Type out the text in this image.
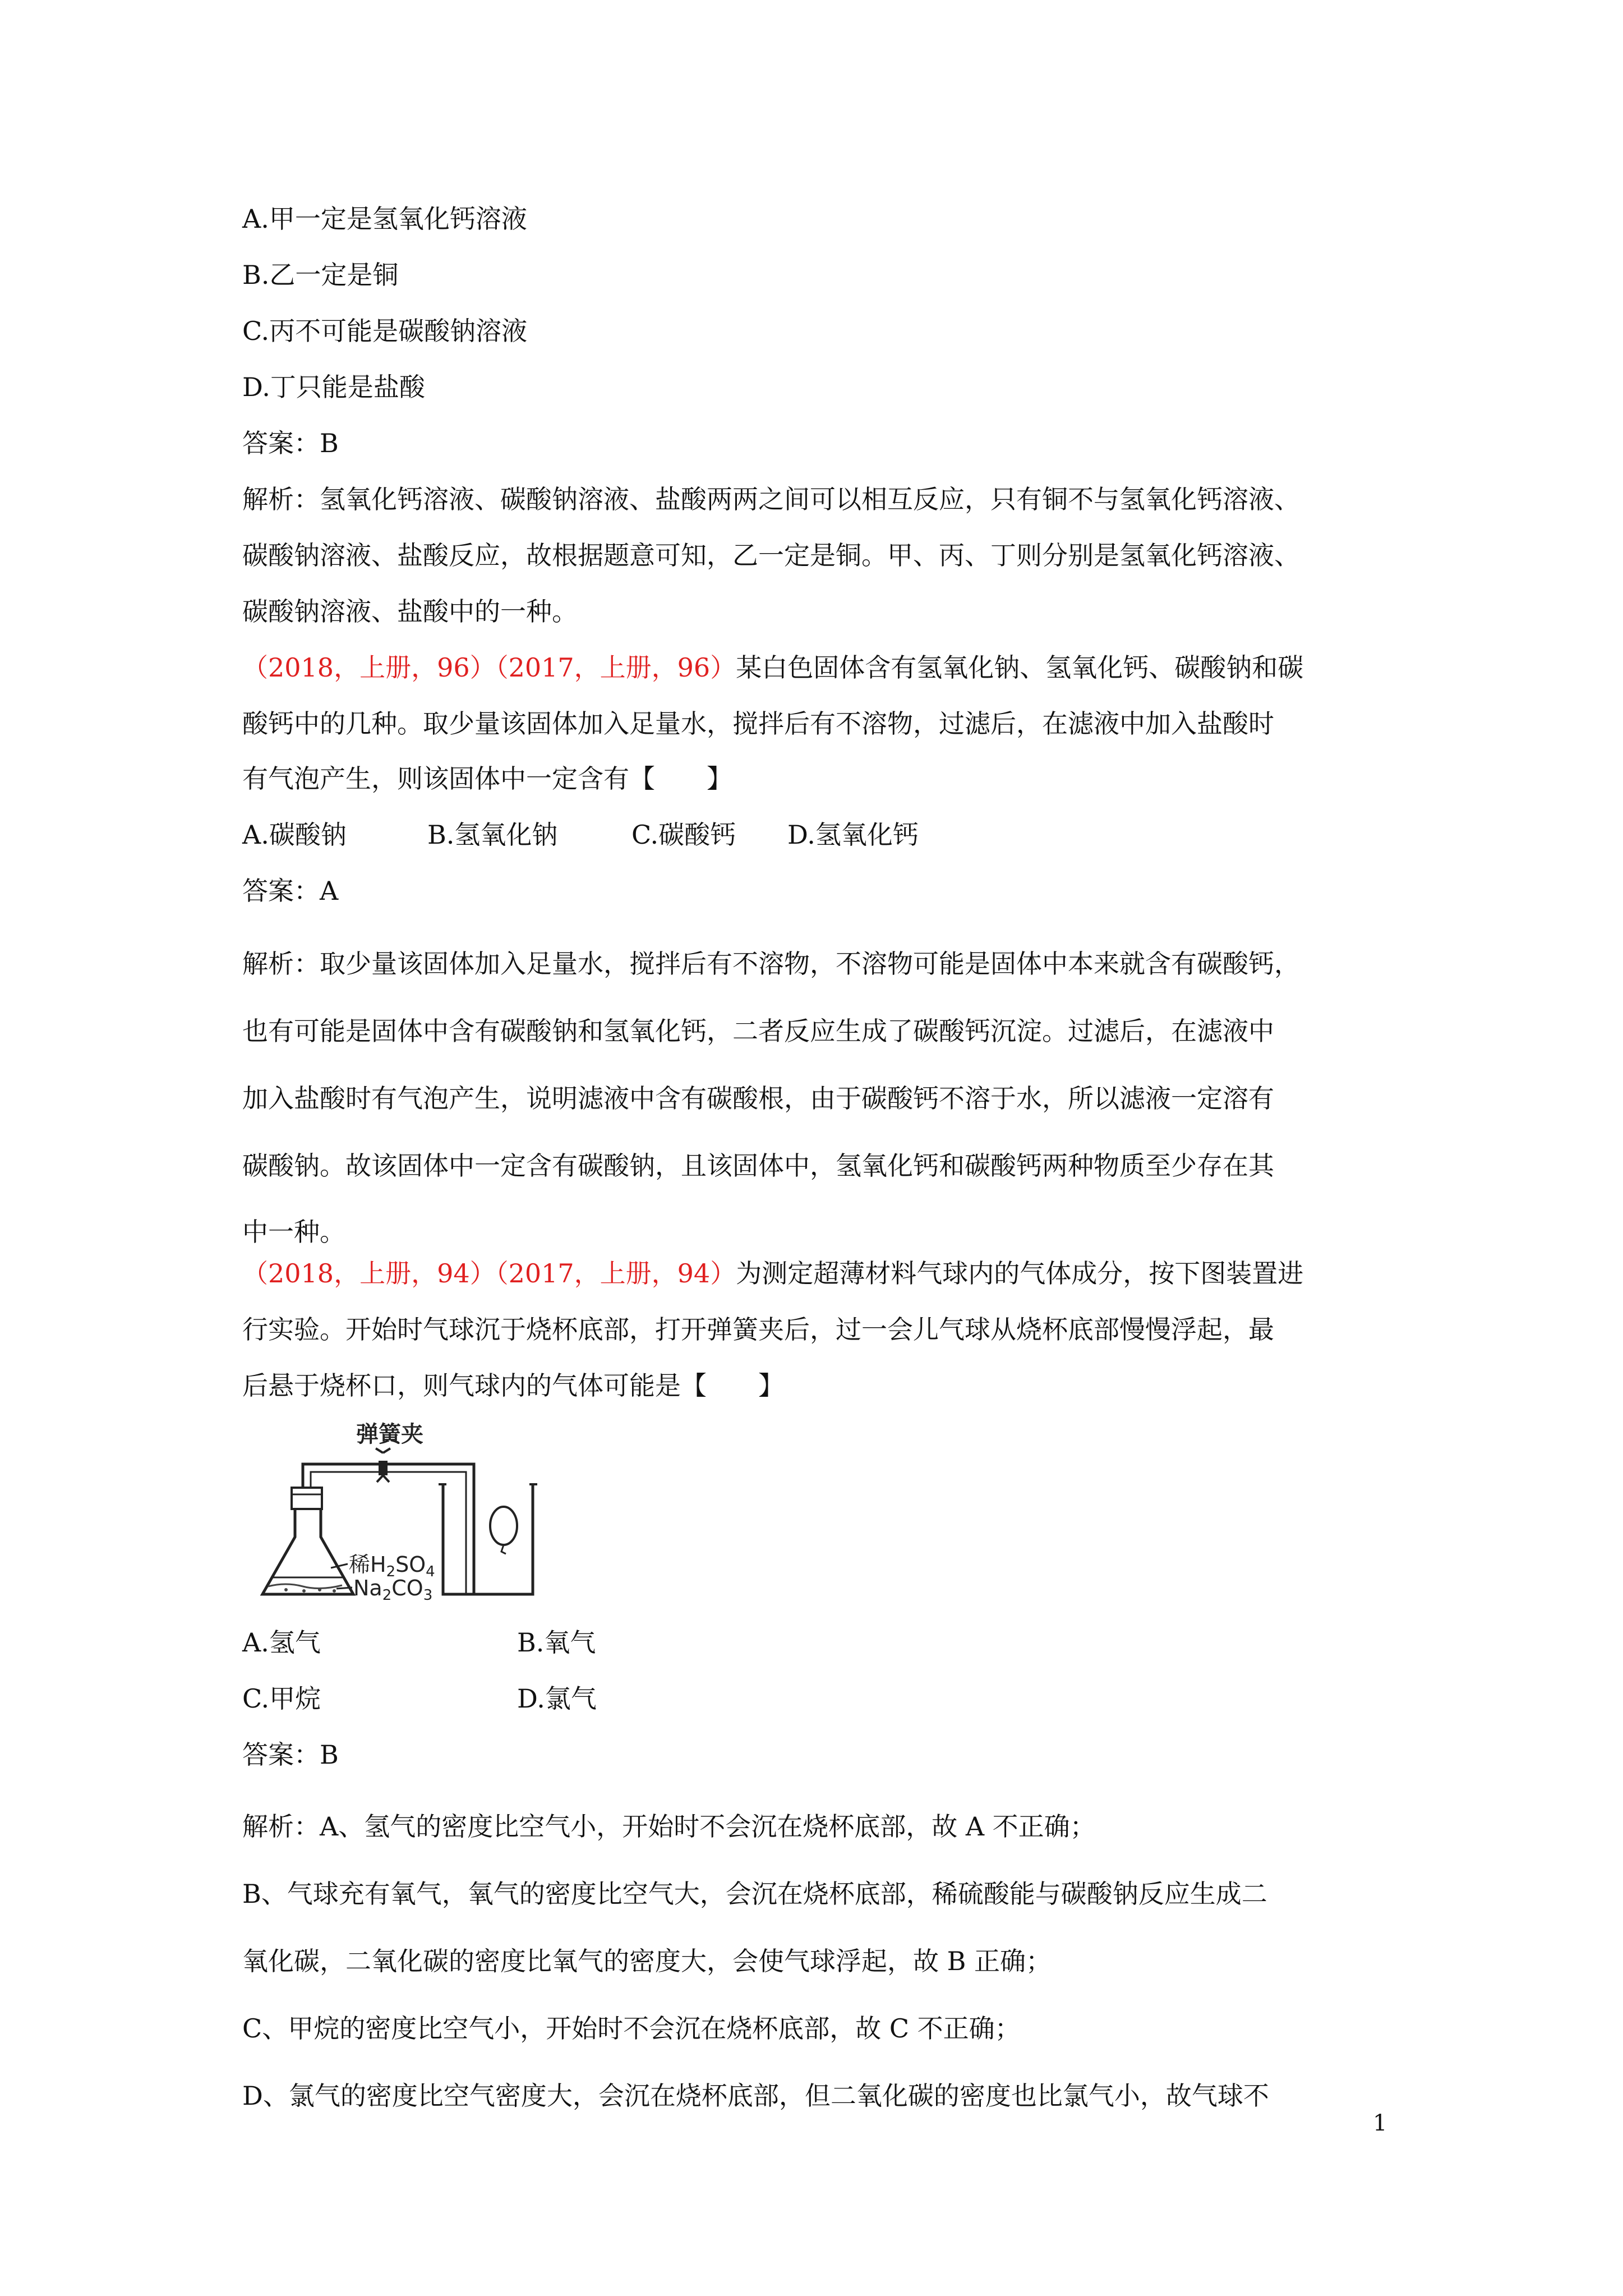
A.甲一定是氢氧化钙溶液
B.乙一定是铜
C.丙不可能是碳酸钠溶液
D.丁只能是盐酸
答案：B
解析：氢氧化钙溶液、碳酸钠溶液、盐酸两两之间可以相互反应，只有铜不与氢氧化钙溶液、
碳酸钠溶液、盐酸反应，故根据题意可知，乙一定是铜。甲、丙、丁则分别是氢氧化钙溶液、
碳酸钠溶液、盐酸中的一种。
（2018，上册，96）（2017，上册，96）某白色固体含有氢氧化钠、氢氧化钙、碳酸钠和碳
酸钙中的几种。取少量该固体加入足量水，搅拌后有不溶物，过滤后，在滤液中加入盐酸时
有气泡产生，则该固体中一定含有【　　】
A.碳酸钠	B.氢氧化钠	C.碳酸钙 D.氢氧化钙
答案：A
解析：取少量该固体加入足量水，搅拌后有不溶物，不溶物可能是固体中本来就含有碳酸钙，
也有可能是固体中含有碳酸钠和氢氧化钙，二者反应生成了碳酸钙沉淀。过滤后，在滤液中
加入盐酸时有气泡产生，说明滤液中含有碳酸根，由于碳酸钙不溶于水，所以滤液一定溶有
碳酸钠。故该固体中一定含有碳酸钠，且该固体中，氢氧化钙和碳酸钙两种物质至少存在其
中一种。
（2018，上册，94）（2017，上册，94）为测定超薄材料气球内的气体成分，按下图装置进
行实验。开始时气球沉于烧杯底部，打开弹簧夹后，过一会儿气球从烧杯底部慢慢浮起，最
后悬于烧杯口，则气球内的气体可能是【　　】
弹簧夹
稀$H_2SO_4$
$Na_2CO_3$
A.氢气	B.氧气
C.甲烷	D.氯气
答案：B
解析：A、氢气的密度比空气小，开始时不会沉在烧杯底部，故 A 不正确；
B、气球充有氧气，氧气的密度比空气大，会沉在烧杯底部，稀硫酸能与碳酸钠反应生成二
氧化碳，二氧化碳的密度比氧气的密度大，会使气球浮起，故 B 正确；
C、甲烷的密度比空气小，开始时不会沉在烧杯底部，故 C 不正确；
D、氯气的密度比空气密度大，会沉在烧杯底部，但二氧化碳的密度也比氯气小，故气球不
1
